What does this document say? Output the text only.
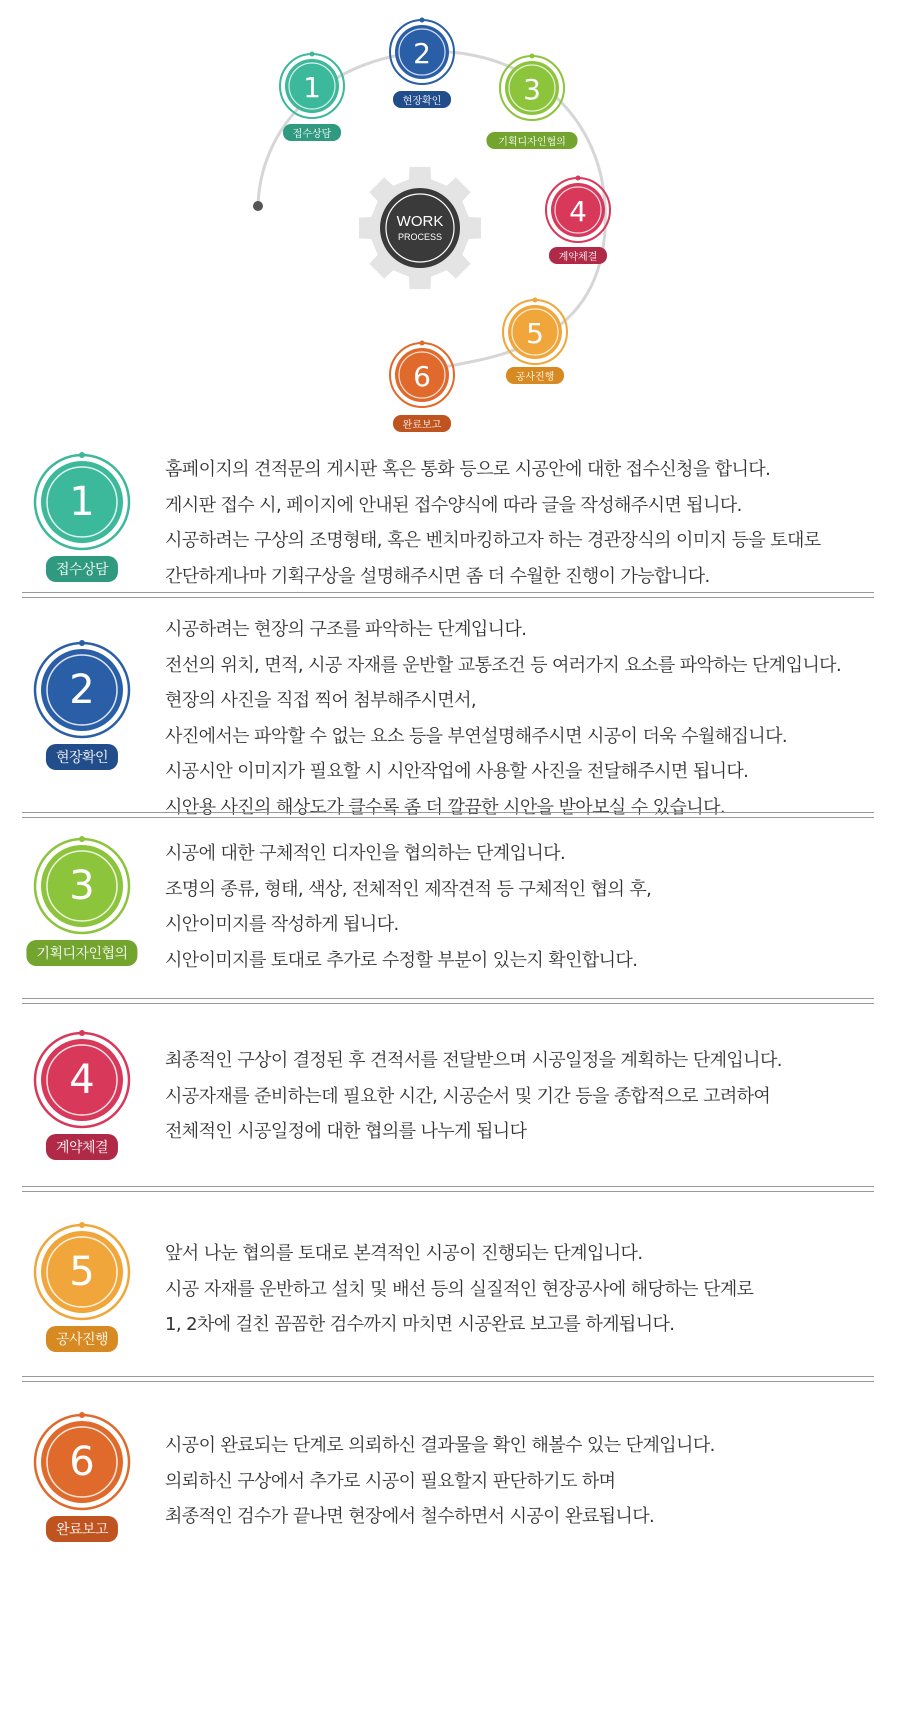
WORK
PROCESS
1
접수상담
2
현장확인	3
기획디자인협의
4
계약체결
5
공사진행
6
완료보고
1
접수상담
홈페이지의 견적문의 게시판 혹은 통화 등으로 시공안에 대한 접수신청을 합니다.
게시판 접수 시, 페이지에 안내된 접수양식에 따라 글을 작성해주시면 됩니다.
시공하려는 구상의 조명형태, 혹은 벤치마킹하고자 하는 경관장식의 이미지 등을 토대로
간단하게나마 기획구상을 설명해주시면 좀 더 수월한 진행이 가능합니다.
2
현장확인
시공하려는 현장의 구조를 파악하는 단계입니다.
전선의 위치, 면적, 시공 자재를 운반할 교통조건 등 여러가지 요소를 파악하는 단계입니다.
현장의 사진을 직접 찍어 첨부해주시면서,
사진에서는 파악할 수 없는 요소 등을 부연설명해주시면 시공이 더욱 수월해집니다.
시공시안 이미지가 필요할 시 시안작업에 사용할 사진을 전달해주시면 됩니다.
시안용 사진의 해상도가 클수록 좀 더 깔끔한 시안을 받아보실 수 있습니다.
3
기획디자인협의
시공에 대한 구체적인 디자인을 협의하는 단계입니다.
조명의 종류, 형태, 색상, 전체적인 제작견적 등 구체적인 협의 후,
시안이미지를 작성하게 됩니다.
시안이미지를 토대로 추가로 수정할 부분이 있는지 확인합니다.
4
계약체결
최종적인 구상이 결정된 후 견적서를 전달받으며 시공일정을 계획하는 단계입니다.
시공자재를 준비하는데 필요한 시간, 시공순서 및 기간 등을 종합적으로 고려하여
전체적인 시공일정에 대한 협의를 나누게 됩니다
5
공사진행
앞서 나눈 협의를 토대로 본격적인 시공이 진행되는 단계입니다.
시공 자재를 운반하고 설치 및 배선 등의 실질적인 현장공사에 해당하는 단계로
1, 2차에 걸친 꼼꼼한 검수까지 마치면 시공완료 보고를 하게됩니다.
6
완료보고
시공이 완료되는 단계로 의뢰하신 결과물을 확인 해볼수 있는 단계입니다.
의뢰하신 구상에서 추가로 시공이 필요할지 판단하기도 하며
최종적인 검수가 끝나면 현장에서 철수하면서 시공이 완료됩니다.
